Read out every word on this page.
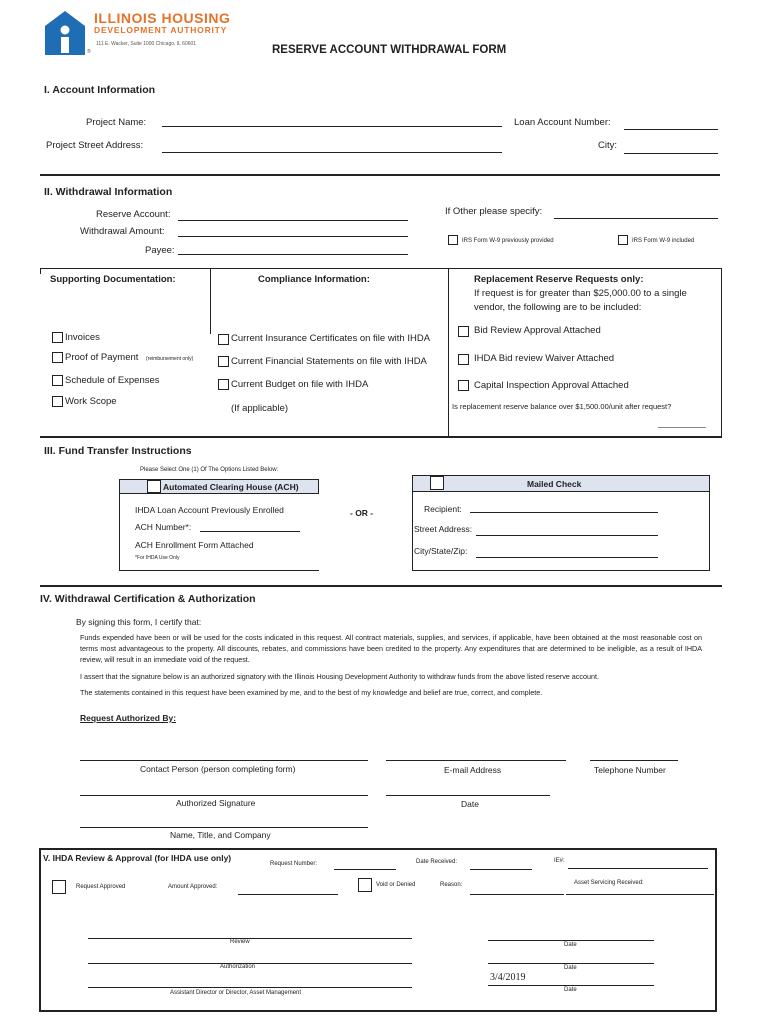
ILLINOIS HOUSING
DEVELOPMENT AUTHORITY
111 E. Wacker, Suite 1000 Chicago, IL 60601
®	RESERVE ACCOUNT WITHDRAWAL FORM
I. Account Information
Project Name:	Loan Account Number:
Project Street Address:	City:
II. Withdrawal Information
Reserve Account:
Withdrawal Amount:
Payee:
If Other please specify:
IRS Form W-9 previously provided	IRS Form W-9 included
Supporting Documentation:	Compliance Information:	Replacement Reserve Requests only:
If request is for greater than $25,000.00 to a single
vendor, the following are to be included:
Invoices
Proof of Payment (reimbursement only)
Schedule of Expenses
Work Scope
Current Insurance Certificates on file with IHDA
Current Financial Statements on file with IHDA
Current Budget on file with IHDA
(If applicable)
Bid Review Approval Attached
IHDA Bid review Waiver Attached
Capital Inspection Approval Attached
Is replacement reserve balance over $1,500.00/unit after request?
III. Fund Transfer Instructions
Please Select One (1) Of The Options Listed Below:
Automated Clearing House (ACH)
IHDA Loan Account Previously Enrolled
ACH Number*:
ACH Enrollment Form Attached
*For IHDA Use Only
- OR -
Mailed Check
Recipient:
Street Address:
City/State/Zip:
IV. Withdrawal Certification & Authorization
By signing this form, I certify that:
Funds expended have been or will be used for the costs indicated in this request. All contract materials, supplies, and services, if applicable, have been obtained at the most reasonable cost on terms most advantageous to the property. All discounts, rebates, and commissions have been credited to the property. Any expenditures that are determined to be ineligible, as a result of IHDA review, will result in an immediate void of the request.
I assert that the signature below is an authorized signatory with the Illinois Housing Development Authority to withdraw funds from the above listed reserve account.
The statements contained in this request have been examined by me, and to the best of my knowledge and belief are true, correct, and complete.
Request Authorized By:
Contact Person (person completing form)	E-mail Address	Telephone Number
Authorized Signature	Date
Name, Title, and Company
V. IHDA Review & Approval (for IHDA use only)
Request Number:	Date Received:	IE#:
Request Approved	Amount Approved:	Void or Denied	Reason:	Asset Servicing Received:
Review	Date
Authorization	Date
3/4/2019
Assistant Director or Director, Asset Management	Date
